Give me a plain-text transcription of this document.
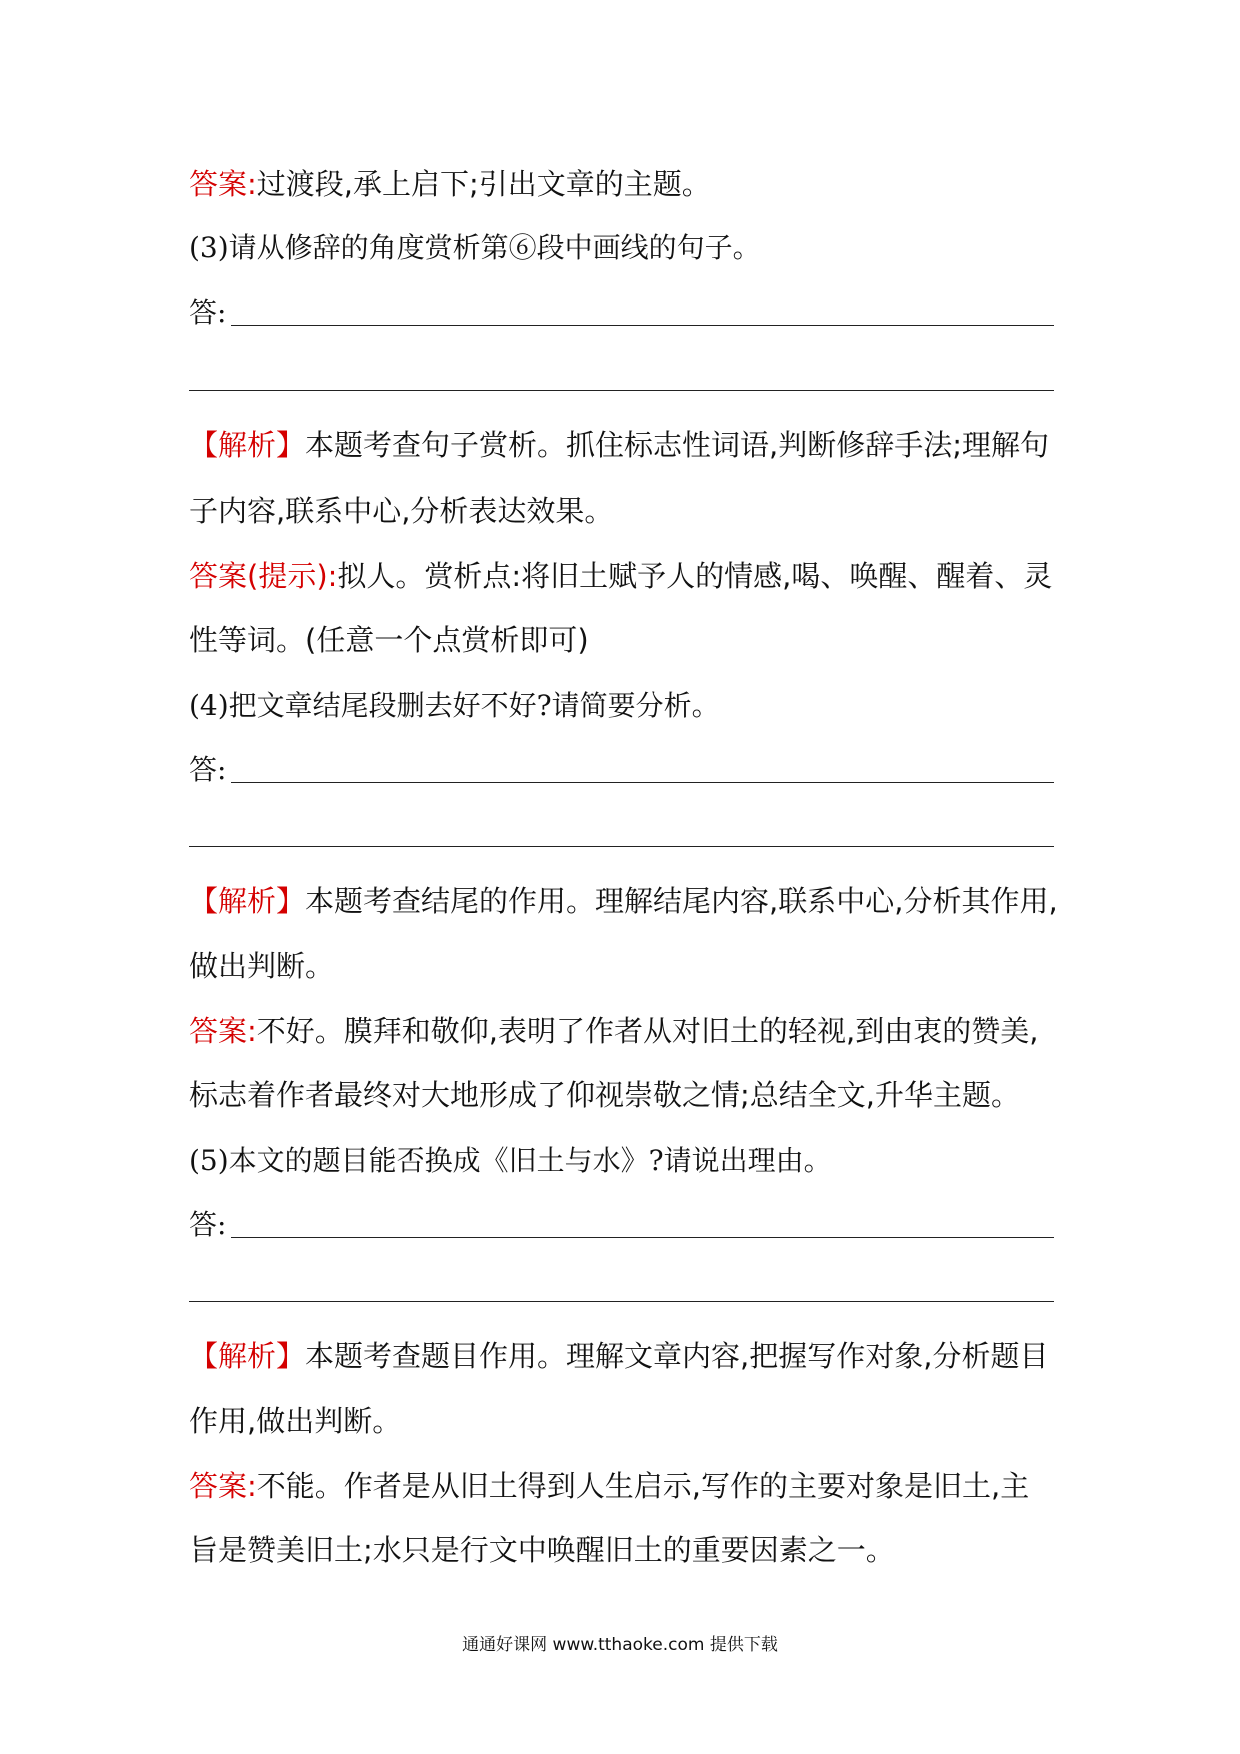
答案:过渡段,承上启下;引出文章的主题。
(3)请从修辞的角度赏析第⑥段中画线的句子。
答:
【解析】本题考查句子赏析。抓住标志性词语,判断修辞手法;理解句
子内容,联系中心,分析表达效果。
答案(提示):拟人。赏析点:将旧土赋予人的情感,喝、唤醒、醒着、灵
性等词。(任意一个点赏析即可)
(4)把文章结尾段删去好不好?请简要分析。
答:
【解析】本题考查结尾的作用。理解结尾内容,联系中心,分析其作用,
做出判断。
答案:不好。膜拜和敬仰,表明了作者从对旧土的轻视,到由衷的赞美,
标志着作者最终对大地形成了仰视崇敬之情;总结全文,升华主题。
(5)本文的题目能否换成《旧土与水》?请说出理由。
答:
【解析】本题考查题目作用。理解文章内容,把握写作对象,分析题目
作用,做出判断。
答案:不能。作者是从旧土得到人生启示,写作的主要对象是旧土,主
旨是赞美旧土;水只是行文中唤醒旧土的重要因素之一。
通通好课网 www.tthaoke.com 提供下载
